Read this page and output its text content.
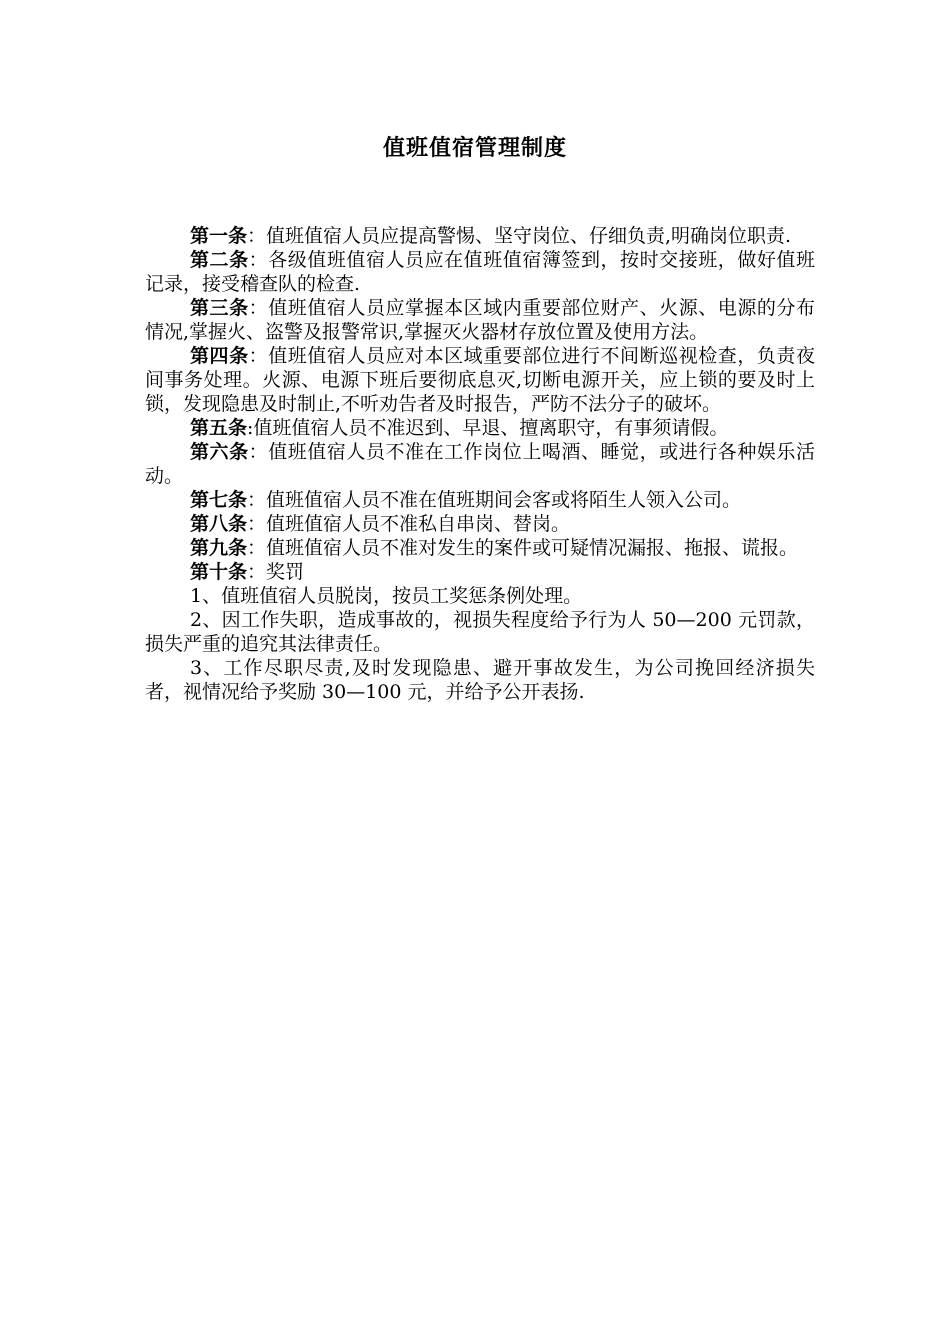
值班值宿管理制度

第一条：值班值宿人员应提高警惕、坚守岗位、仔细负责,明确岗位职责.

第二条：各级值班值宿人员应在值班值宿簿签到，按时交接班，做好值班记录，接受稽查队的检查.

第三条：值班值宿人员应掌握本区域内重要部位财产、火源、电源的分布情况,掌握火、盗警及报警常识,掌握灭火器材存放位置及使用方法。

第四条：值班值宿人员应对本区域重要部位进行不间断巡视检查，负责夜间事务处理。火源、电源下班后要彻底息灭,切断电源开关，应上锁的要及时上锁，发现隐患及时制止,不听劝告者及时报告，严防不法分子的破坏。

第五条:值班值宿人员不准迟到、早退、擅离职守，有事须请假。

第六条：值班值宿人员不准在工作岗位上喝酒、睡觉，或进行各种娱乐活动。

第七条：值班值宿人员不准在值班期间会客或将陌生人领入公司。

第八条：值班值宿人员不准私自串岗、替岗。

第九条：值班值宿人员不准对发生的案件或可疑情况漏报、拖报、谎报。

第十条：奖罚

1、值班值宿人员脱岗，按员工奖惩条例处理。

2、因工作失职，造成事故的，视损失程度给予行为人 50—200 元罚款，损失严重的追究其法律责任。

3、工作尽职尽责,及时发现隐患、避开事故发生，为公司挽回经济损失者，视情况给予奖励 30—100 元，并给予公开表扬.
